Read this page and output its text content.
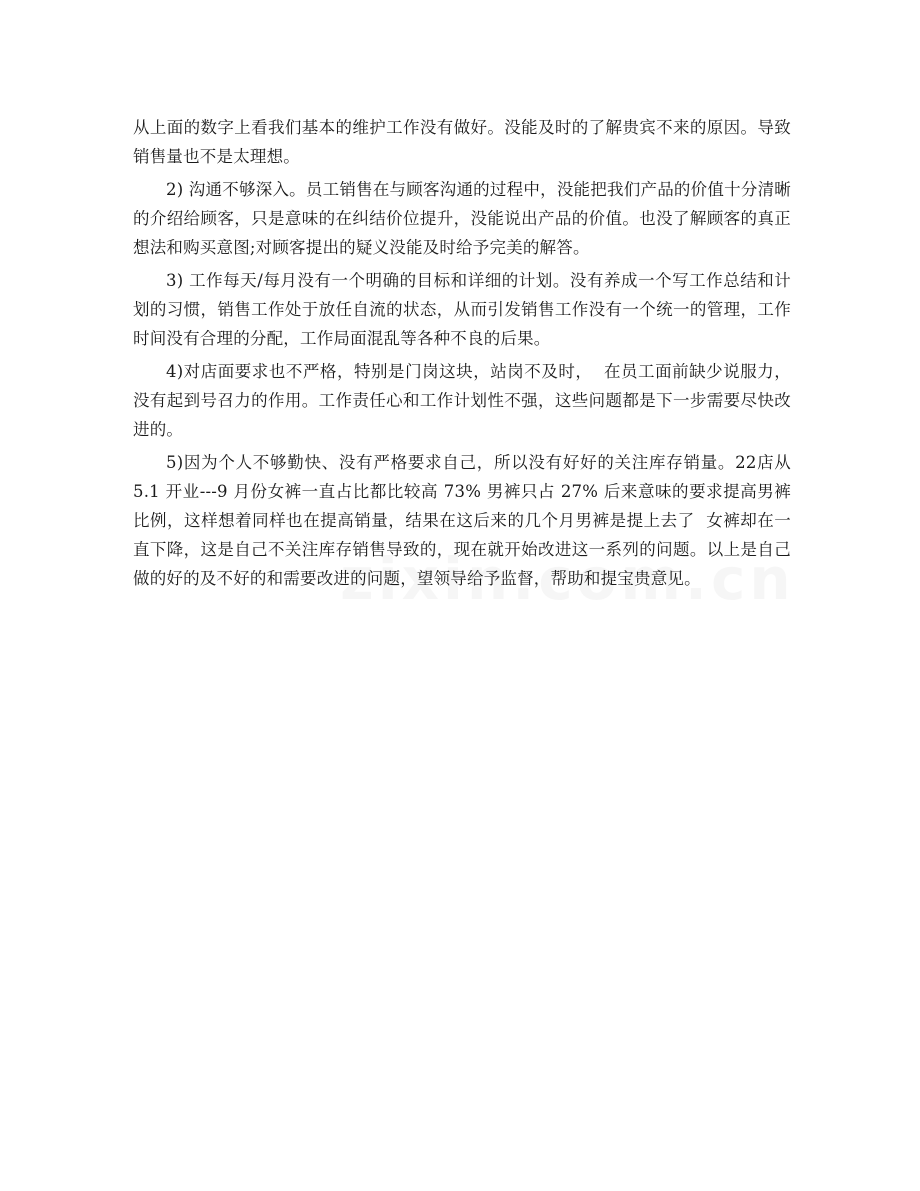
从上面的数字上看我们基本的维护工作没有做好。没能及时的了解贵宾不来的原因。导致销售量也不是太理想。

2) 沟通不够深入。员工销售在与顾客沟通的过程中，没能把我们产品的价值十分清晰的介绍给顾客，只是意味的在纠结价位提升，没能说出产品的价值。也没了解顾客的真正想法和购买意图;对顾客提出的疑义没能及时给予完美的解答。

3) 工作每天/每月没有一个明确的目标和详细的计划。没有养成一个写工作总结和计划的习惯，销售工作处于放任自流的状态，从而引发销售工作没有一个统一的管理，工作时间没有合理的分配，工作局面混乱等各种不良的后果。

4)对店面要求也不严格，特别是门岗这块，站岗不及时，  在员工面前缺少说服力，没有起到号召力的作用。工作责任心和工作计划性不强，这些问题都是下一步需要尽快改进的。

5)因为个人不够勤快、没有严格要求自己，所以没有好好的关注库存销量。22店从 5.1 开业---9 月份女裤一直占比都比较高 73% 男裤只占 27% 后来意味的要求提高男裤比例，这样想着同样也在提高销量，结果在这后来的几个月男裤是提上去了  女裤却在一直下降，这是自己不关注库存销售导致的，现在就开始改进这一系列的问题。以上是自己做的好的及不好的和需要改进的问题，望领导给予监督，帮助和提宝贵意见。
